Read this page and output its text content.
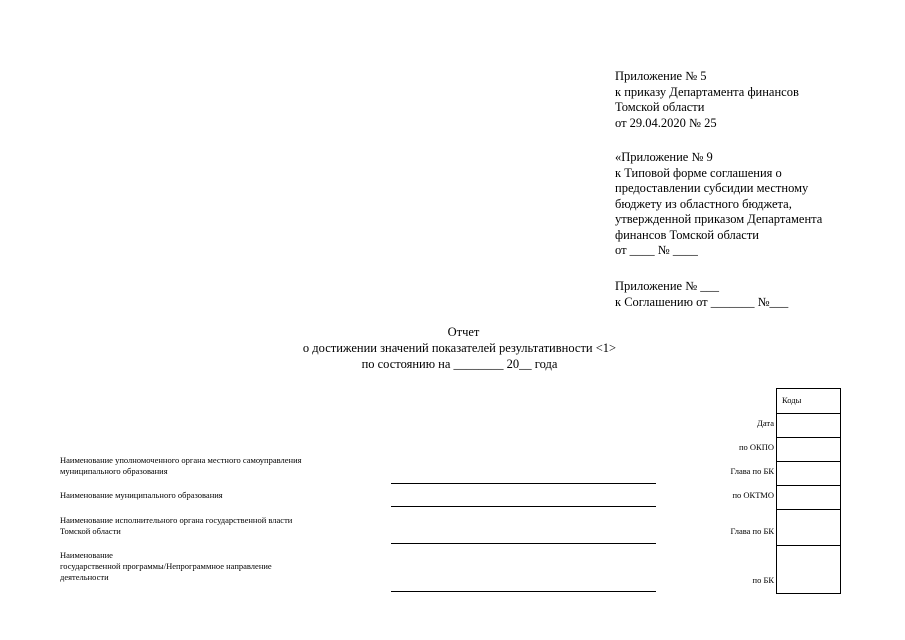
Приложение № 5
к приказу Департамента финансов
Томской области
от 29.04.2020 № 25
«Приложение № 9
к Типовой форме соглашения о
предоставлении субсидии местному
бюджету из областного бюджета,
утвержденной приказом Департамента
финансов Томской области
от ____ № ____
Приложение № ___
к Соглашению от _______ №___
Отчет
о достижении значений показателей результативности <1>
по состоянию на ________ 20__ года
Наименование уполномоченного органа местного самоуправления
муниципального образования
Наименование муниципального образования
Наименование исполнительного органа государственной власти
Томской области
Наименование
государственной программы/Непрограммное направление
деятельности
Дата
по ОКПО
Глава по БК
по ОКТМО
Глава по БК
по БК
Коды
